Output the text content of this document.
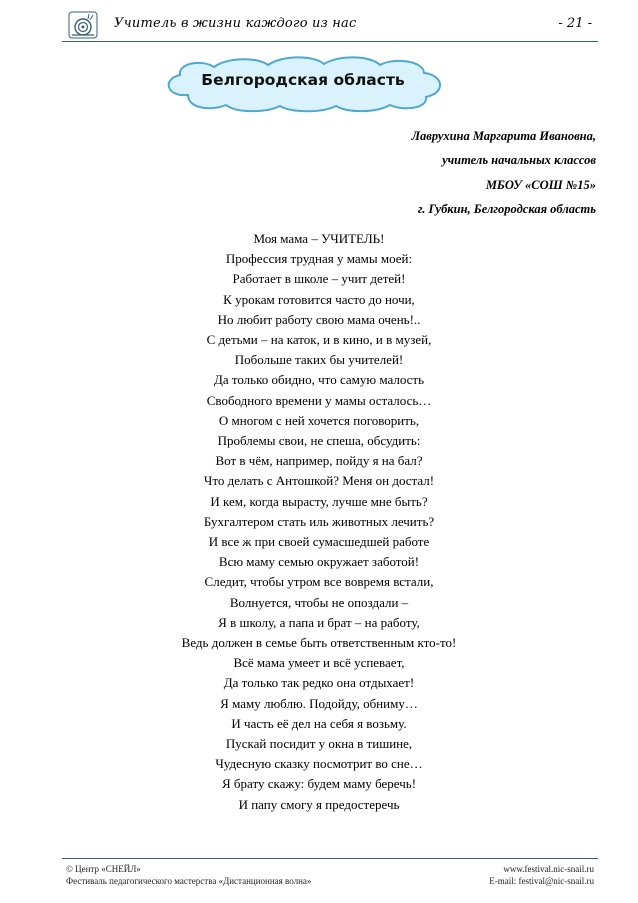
Учитель в жизни каждого из нас	- 21 -
Белгородская область
Лаврухина Маргарита Ивановна,
учитель начальных классов
МБОУ «СОШ №15»
г. Губкин, Белгородская область
Моя мама – УЧИТЕЛЬ!
Профессия трудная у мамы моей:
Работает в школе – учит детей!
К урокам готовится часто до ночи,
Но любит работу свою мама очень!..
С детьми – на каток, и в кино, и в музей,
Побольше таких бы учителей!
Да только обидно, что самую малость
Свободного времени у мамы осталось…
О многом с ней хочется поговорить,
Проблемы свои, не спеша, обсудить:
Вот в чём, например, пойду я на бал?
Что делать с Антошкой? Меня он достал!
И кем, когда вырасту, лучше мне быть?
Бухгалтером стать иль животных лечить?
И все ж при своей сумасшедшей работе
Всю маму семью окружает заботой!
Следит, чтобы утром все вовремя встали,
Волнуется, чтобы не опоздали –
Я в школу, а папа и брат – на работу,
Ведь должен в семье быть ответственным кто-то!
Всё мама умеет и всё успевает,
Да только так редко она отдыхает!
Я маму люблю. Подойду, обниму…
И часть её дел на себя я возьму.
Пускай посидит у окна в тишине,
Чудесную сказку посмотрит во сне…
Я брату скажу: будем маму беречь!
И папу смогу я предостеречь
© Центр «СНЕЙЛ»
Фестиваль педагогического мастерства «Дистанционная волна»
www.festival.nic-snail.ru
E-mail: festival@nic-snail.ru
